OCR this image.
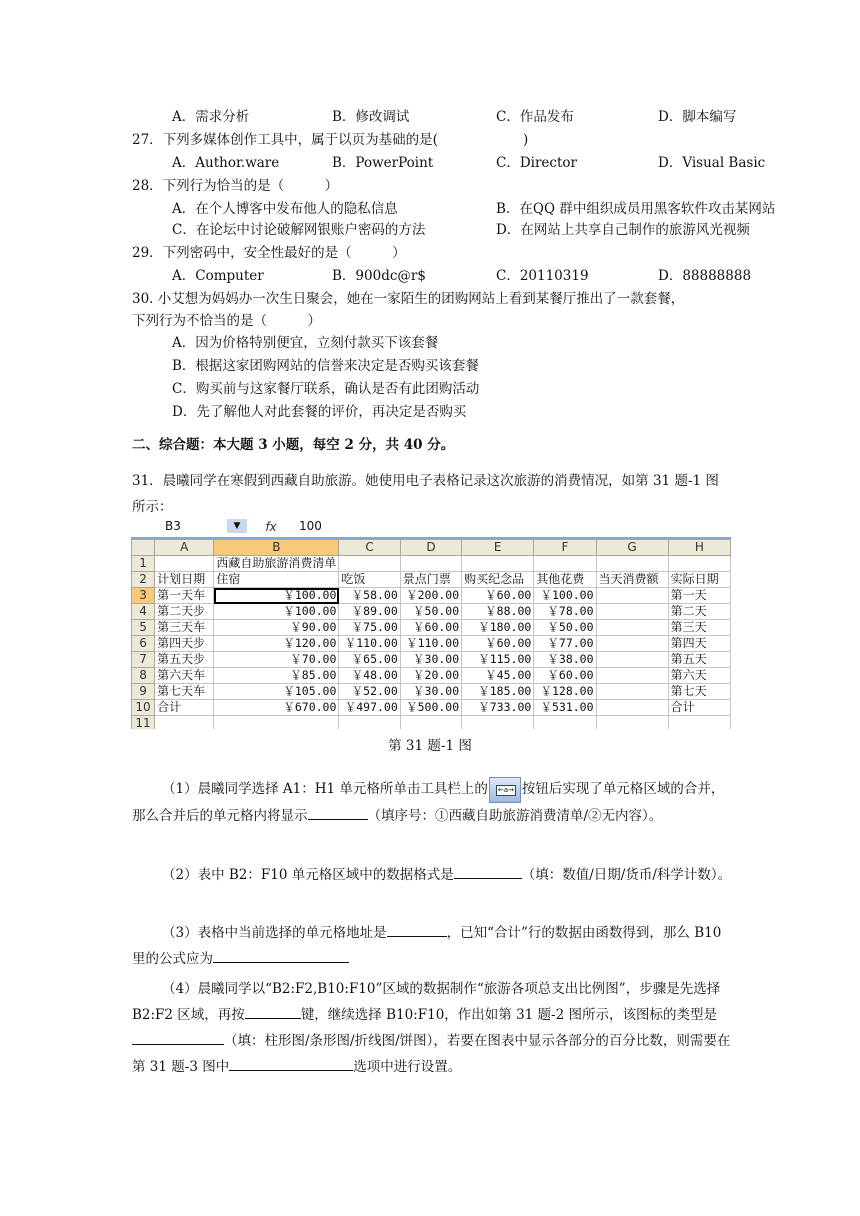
A．需求分析	B．修改调试	C．作品发布	D．脚本编写
27．下列多媒体创作工具中，属于以页为基础的是(	)
A．Author.ware	B．PowerPoint	C．Director	D．Visual Basic
28．下列行为恰当的是（　　　）
A．在个人博客中发布他人的隐私信息	B．在QQ 群中组织成员用黑客软件攻击某网站
C．在论坛中讨论破解网银账户密码的方法	D．在网站上共享自己制作的旅游风光视频
29．下列密码中，安全性最好的是（　　　）
A．Computer	B．900dc@r$	C．20110319	D．88888888
30. 小艾想为妈妈办一次生日聚会，她在一家陌生的团购网站上看到某餐厅推出了一款套餐，
下列行为不恰当的是（　　　）
A．因为价格特别便宜，立刻付款买下该套餐
B．根据这家团购网站的信誉来决定是否购买该套餐
C．购买前与这家餐厅联系，确认是否有此团购活动
D．先了解他人对此套餐的评价，再决定是否购买
二、综合题：本大题 3 小题，每空 2 分，共 40 分。
31．晨曦同学在寒假到西藏自助旅游。她使用电子表格记录这次旅游的消费情况，如第 31 题-1 图所示：
B3	▼	fx	100
	A	B	C	D	E	F	G	H
1		西藏自助旅游消费清单						
2	计划日期	住宿	吃饭	景点门票	购买纪念品	其他花费	当天消费额	实际日期
3	第一天车	￥100.00	￥58.00	￥200.00	￥60.00	￥100.00		第一天
4	第二天步	￥100.00	￥89.00	￥50.00	￥88.00	￥78.00		第二天
5	第三天车	￥90.00	￥75.00	￥60.00	￥180.00	￥50.00		第三天
6	第四天步	￥120.00	￥110.00	￥110.00	￥60.00	￥77.00		第四天
7	第五天步	￥70.00	￥65.00	￥30.00	￥115.00	￥38.00		第五天
8	第六天车	￥85.00	￥48.00	￥20.00	￥45.00	￥60.00		第六天
9	第七天车	￥105.00	￥52.00	￥30.00	￥185.00	￥128.00		第七天
10	合计	￥670.00	￥497.00	￥500.00	￥733.00	￥531.00		合计
11								
第 31 题-1 图
（1）晨曦同学选择 A1：H1 单元格所单击工具栏上的 ←a→ 按钮后实现了单元格区域的合并，那么合并后的单元格内将显示	（填序号：①西藏自助旅游消费清单/②无内容）。
（2）表中 B2：F10 单元格区域中的数据格式是	（填：数值/日期/货币/科学计数）。
（3）表格中当前选择的单元格地址是	，已知“合计”行的数据由函数得到，那么 B10 里的公式应为
（4）晨曦同学以“B2:F2,B10:F10”区域的数据制作“旅游各项总支出比例图”，步骤是先选择 B2:F2 区域，再按	键，继续选择 B10:F10，作出如第 31 题-2 图所示，该图标的类型是（填：柱形图/条形图/折线图/饼图），若要在图表中显示各部分的百分比数，则需要在第 31 题-3 图中	选项中进行设置。
